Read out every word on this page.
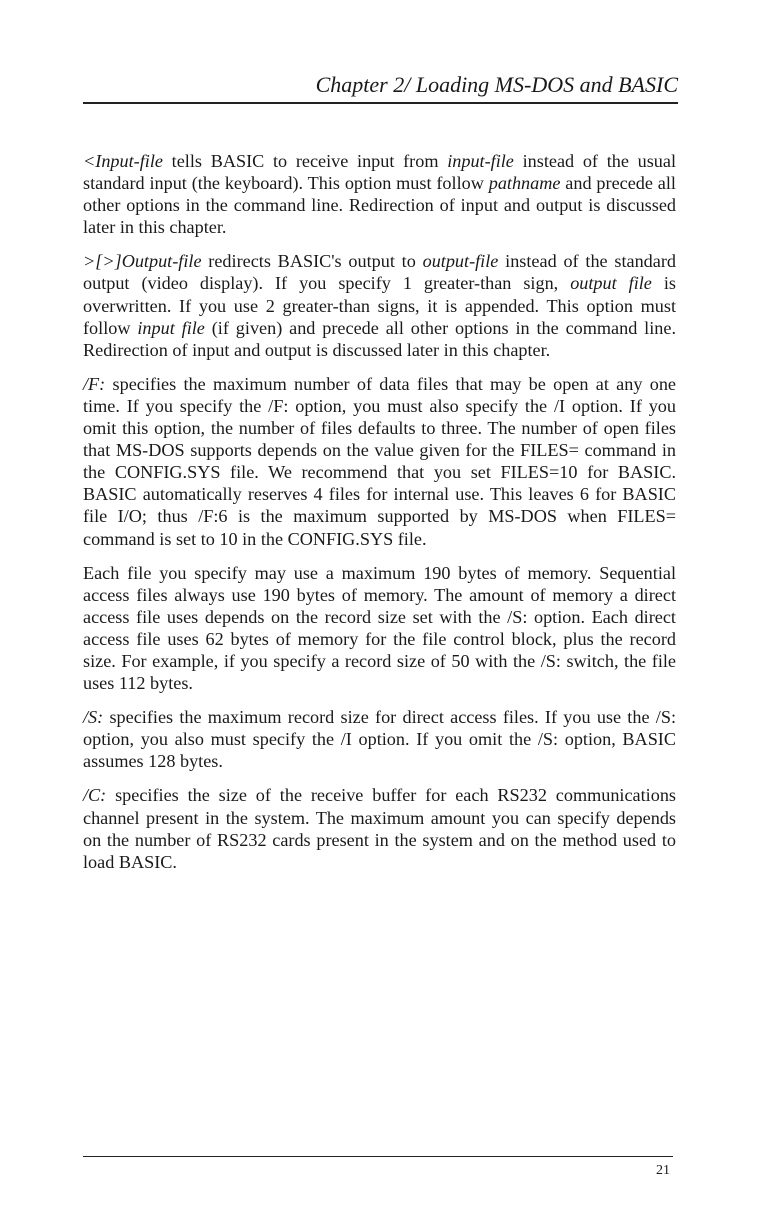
Chapter 2/ Loading MS-DOS and BASIC

<Input-file tells BASIC to receive input from input-file instead of the usual standard input (the keyboard). This option must follow pathname and precede all other options in the command line. Redirection of input and output is discussed later in this chapter.

>[>]Output-file redirects BASIC's output to output-file instead of the standard output (video display). If you specify 1 greater-than sign, output file is overwritten. If you use 2 greater-than signs, it is appended. This option must follow input file (if given) and precede all other options in the command line. Redirection of input and output is discussed later in this chapter.

/F: specifies the maximum number of data files that may be open at any one time. If you specify the /F: option, you must also specify the /I option. If you omit this option, the number of files defaults to three. The number of open files that MS-DOS supports depends on the value given for the FILES= command in the CONFIG.SYS file. We recommend that you set FILES=10 for BASIC. BASIC automatically reserves 4 files for internal use. This leaves 6 for BASIC file I/O; thus /F:6 is the maximum supported by MS-DOS when FILES= command is set to 10 in the CONFIG.SYS file.

Each file you specify may use a maximum 190 bytes of memory. Sequential access files always use 190 bytes of memory. The amount of memory a direct access file uses depends on the record size set with the /S: option. Each direct access file uses 62 bytes of memory for the file control block, plus the record size. For example, if you specify a record size of 50 with the /S: switch, the file uses 112 bytes.

/S: specifies the maximum record size for direct access files. If you use the /S: option, you also must specify the /I option. If you omit the /S: option, BASIC assumes 128 bytes.

/C: specifies the size of the receive buffer for each RS232 communications channel present in the system. The maximum amount you can specify depends on the number of RS232 cards present in the system and on the method used to load BASIC.

21
